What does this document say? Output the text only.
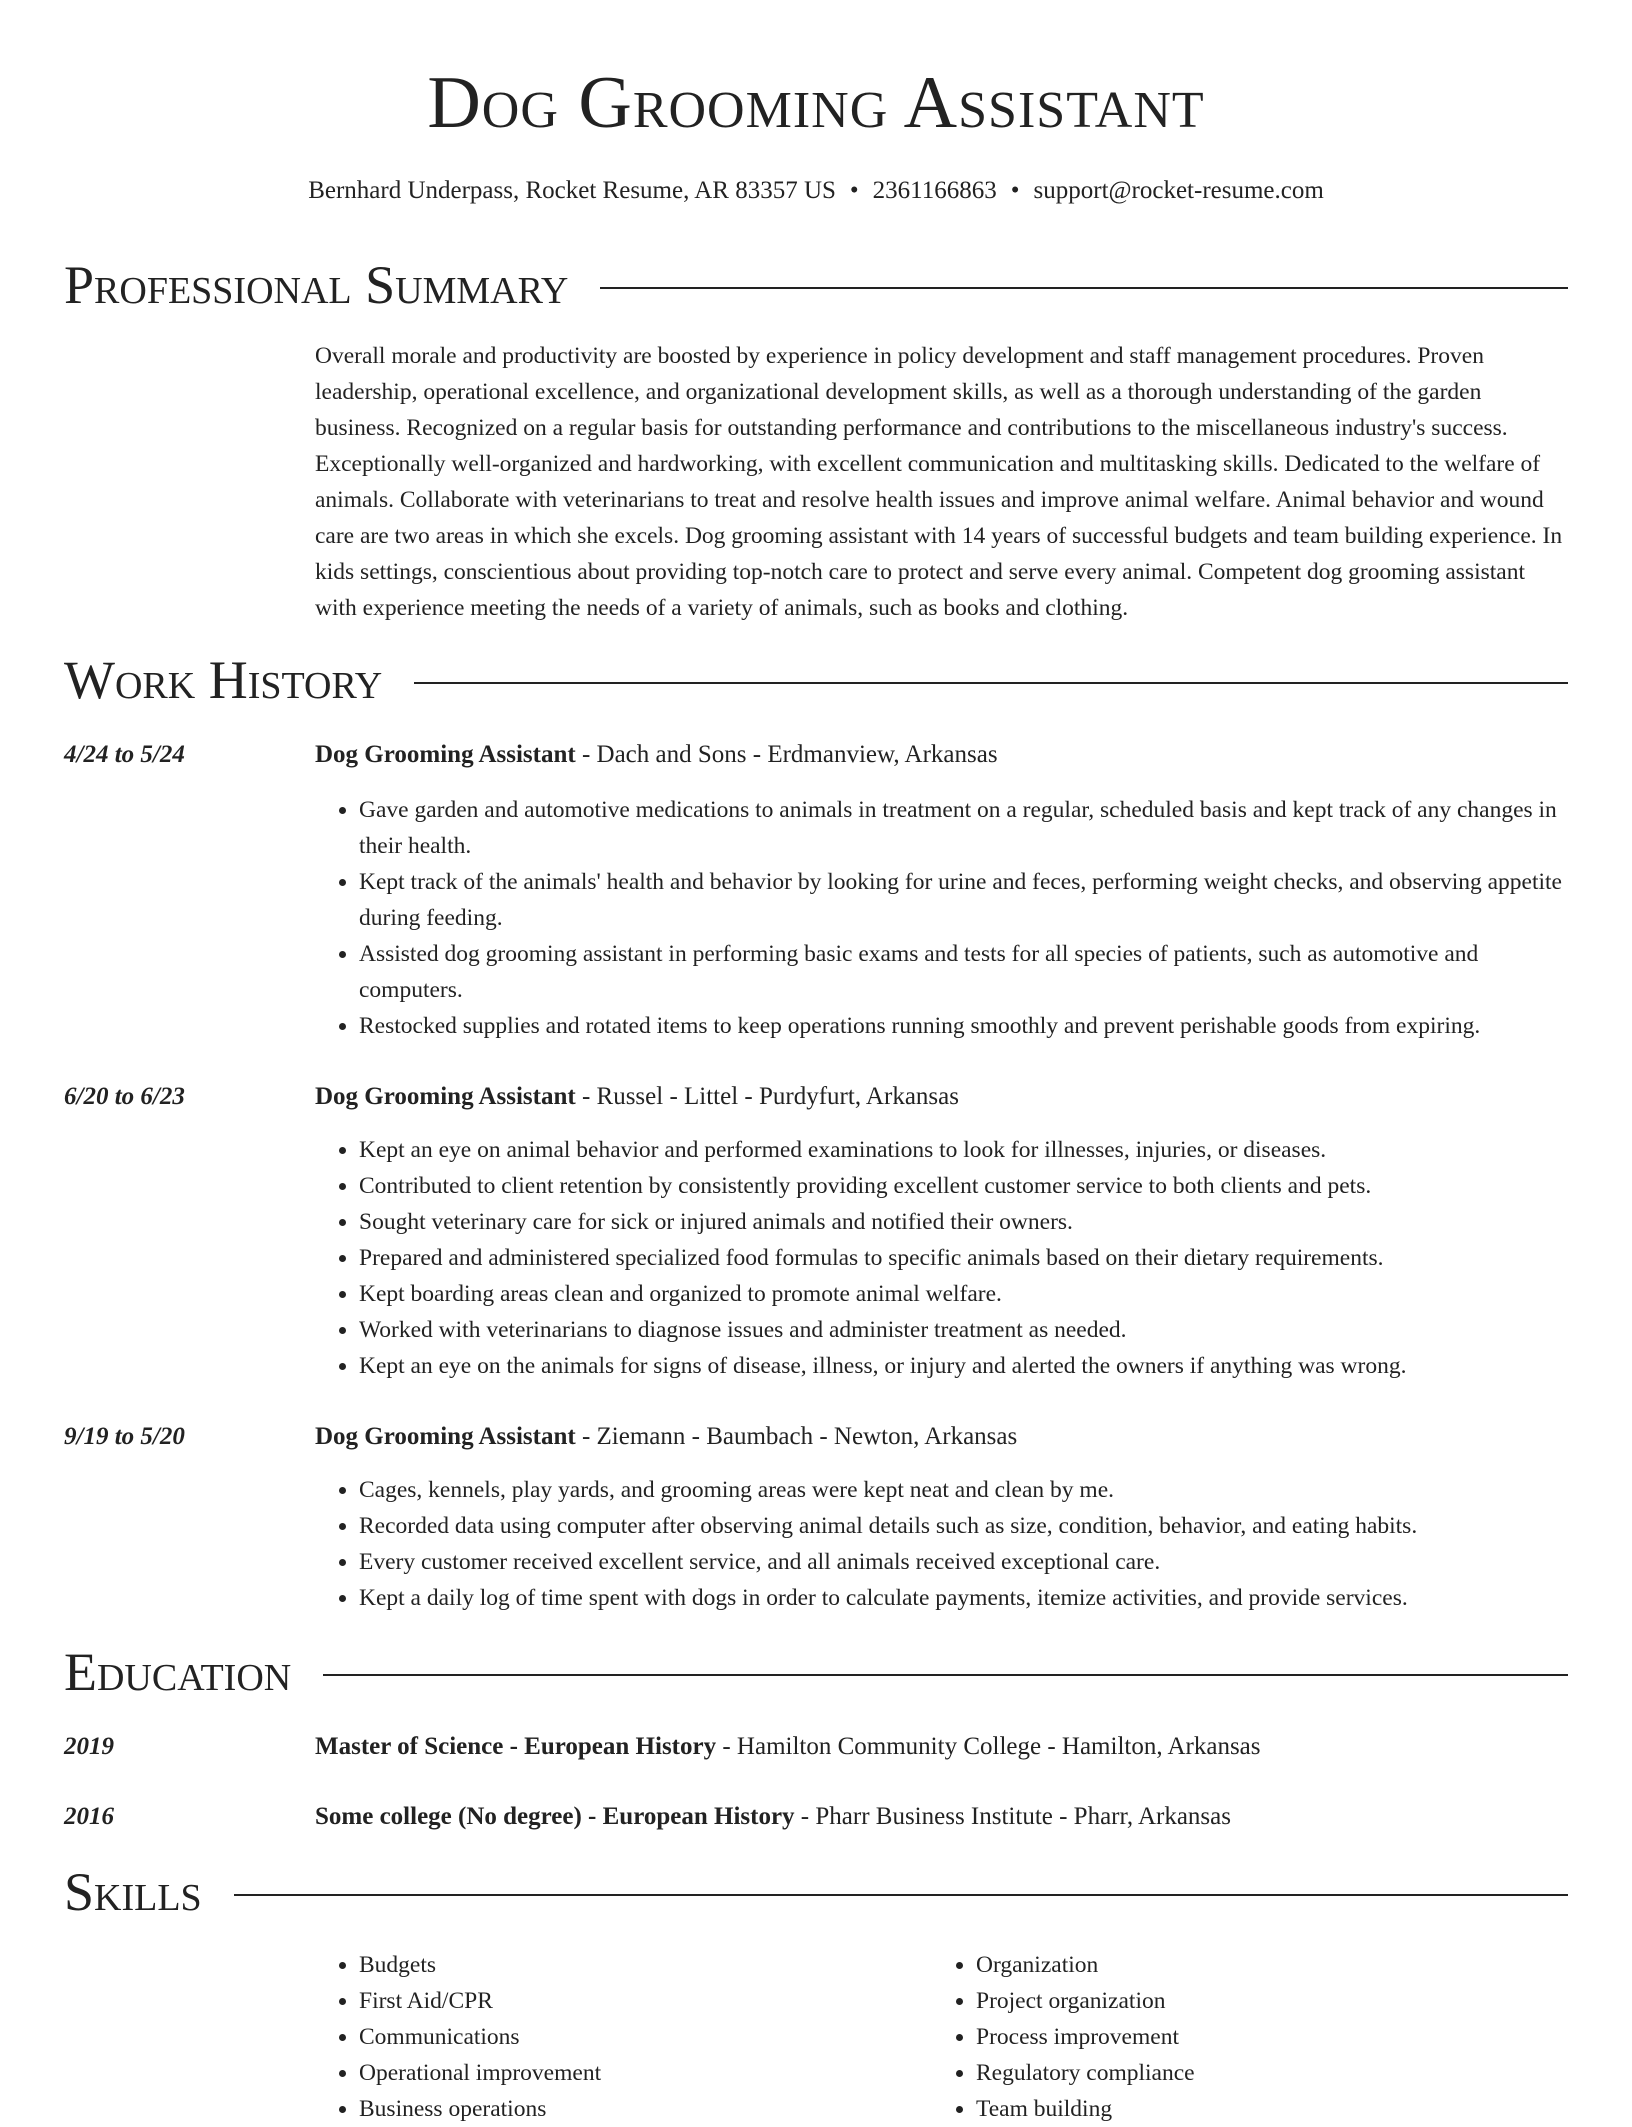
Dog Grooming Assistant
Bernhard Underpass, Rocket Resume, AR 83357 US • 2361166863 • support@rocket-resume.com
Professional Summary

Overall morale and productivity are boosted by experience in policy development and staff management procedures. Proven leadership, operational excellence, and organizational development skills, as well as a thorough understanding of the garden business. Recognized on a regular basis for outstanding performance and contributions to the miscellaneous industry's success. Exceptionally well-organized and hardworking, with excellent communication and multitasking skills. Dedicated to the welfare of animals. Collaborate with veterinarians to treat and resolve health issues and improve animal welfare. Animal behavior and wound care are two areas in which she excels. Dog grooming assistant with 14 years of successful budgets and team building experience. In kids settings, conscientious about providing top-notch care to protect and serve every animal. Competent dog grooming assistant with experience meeting the needs of a variety of animals, such as books and clothing.

Work History
4/24 to 5/24	Dog Grooming Assistant - Dach and Sons - Erdmanview, Arkansas
• Gave garden and automotive medications to animals in treatment on a regular, scheduled basis and kept track of any changes in their health.
• Kept track of the animals' health and behavior by looking for urine and feces, performing weight checks, and observing appetite during feeding.
• Assisted dog grooming assistant in performing basic exams and tests for all species of patients, such as automotive and computers.
• Restocked supplies and rotated items to keep operations running smoothly and prevent perishable goods from expiring.
6/20 to 6/23	Dog Grooming Assistant - Russel - Littel - Purdyfurt, Arkansas
• Kept an eye on animal behavior and performed examinations to look for illnesses, injuries, or diseases.
• Contributed to client retention by consistently providing excellent customer service to both clients and pets.
• Sought veterinary care for sick or injured animals and notified their owners.
• Prepared and administered specialized food formulas to specific animals based on their dietary requirements.
• Kept boarding areas clean and organized to promote animal welfare.
• Worked with veterinarians to diagnose issues and administer treatment as needed.
• Kept an eye on the animals for signs of disease, illness, or injury and alerted the owners if anything was wrong.
9/19 to 5/20	Dog Grooming Assistant - Ziemann - Baumbach - Newton, Arkansas
• Cages, kennels, play yards, and grooming areas were kept neat and clean by me.
• Recorded data using computer after observing animal details such as size, condition, behavior, and eating habits.
• Every customer received excellent service, and all animals received exceptional care.
• Kept a daily log of time spent with dogs in order to calculate payments, itemize activities, and provide services.
Education
2019	Master of Science - European History - Hamilton Community College - Hamilton, Arkansas
2016	Some college (No degree) - European History - Pharr Business Institute - Pharr, Arkansas
Skills
• Budgets
• First Aid/CPR
• Communications
• Operational improvement
• Business operations
• Organization
• Project organization
• Process improvement
• Regulatory compliance
• Team building
